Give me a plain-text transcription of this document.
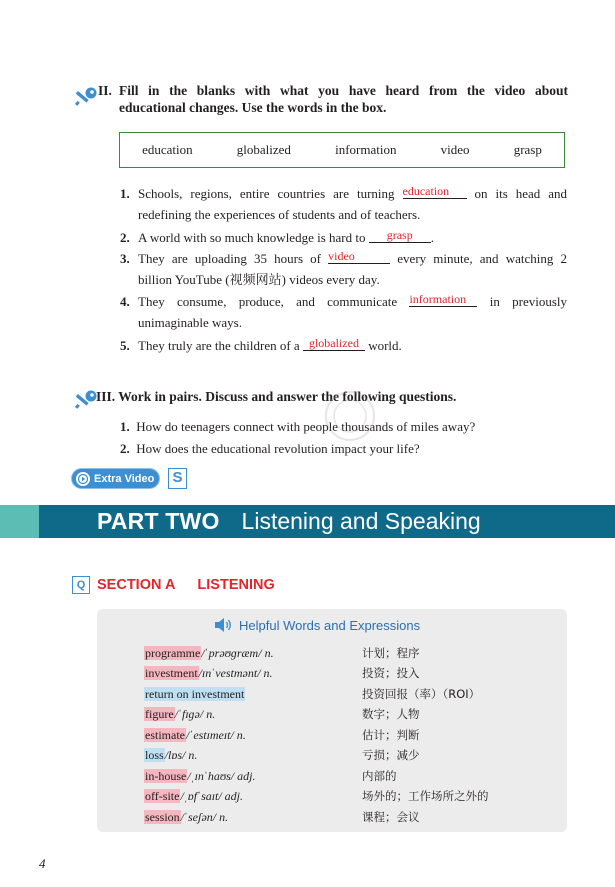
II. Fill in the blanks with what you have heard from the video about
educational changes. Use the words in the box.
education	globalized	information	video	grasp
1. Schools, regions, entire countries are turning education on its head and
redefining the experiences of students and of teachers.
2. A world with so much knowledge is hard to grasp .
3. They are uploading 35 hours of video	every minute, and watching 2
billion YouTube (视频网站) videos every day.
4. They consume, produce, and communicate information in previously
unimaginable ways.
5. They truly are the children of a globalized world.
III. Work in pairs. Discuss and answer the following questions.
1. How do teenagers connect with people thousands of miles away?
2. How does the educational revolution impact your life?
Extra Video S
PART TWO Listening and Speaking
Q SECTION A LISTENING
Helpful Words and Expressions
programme/ˈprəʊɡræm/ n.	计划；程序
investment/ɪnˈvestmənt/ n.	投资；投入
return on investment	投资回报（率）（ROI）
figure/ˈfɪɡə/ n.	数字；人物
estimate/ˈestɪmeɪt/ n.	估计；判断
loss/lɒs/ n.	亏损；减少
in-house/ˌɪnˈhaʊs/ adj.	内部的
off-site/ˌɒfˈsaɪt/ adj.	场外的；工作场所之外的
session/ˈseʃən/ n.	课程；会议
4
